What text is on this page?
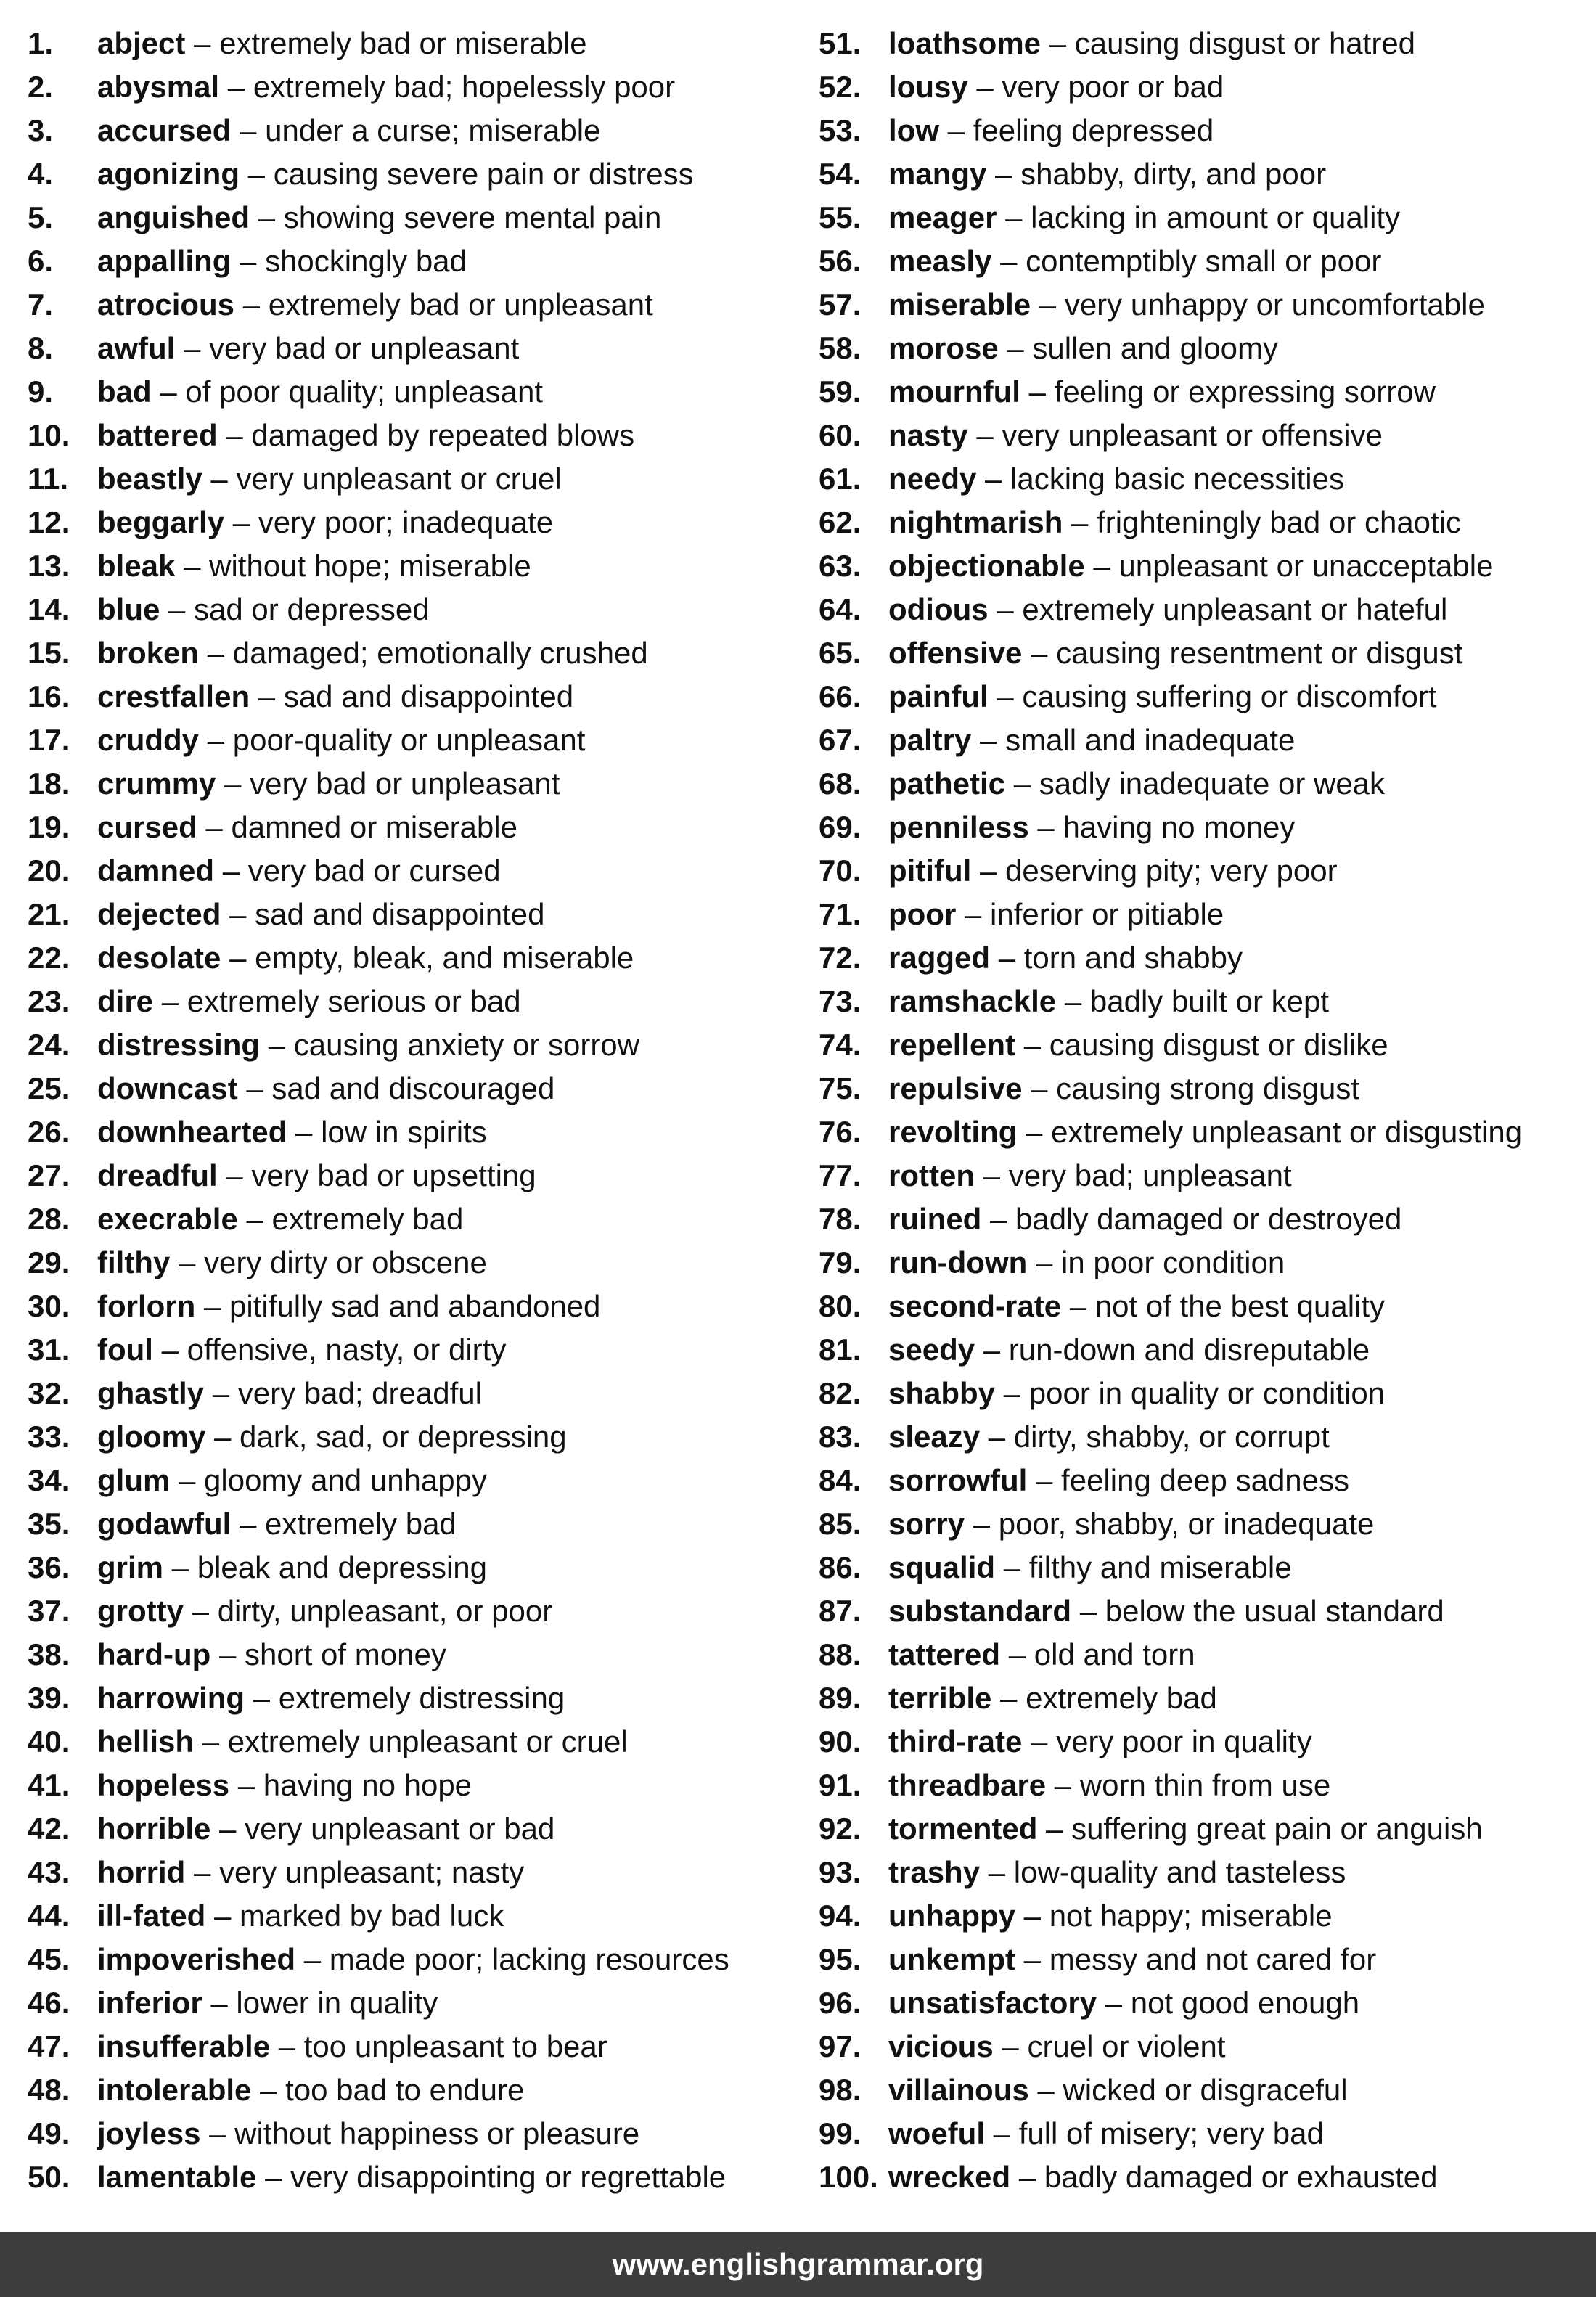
1. abject – extremely bad or miserable
2. abysmal – extremely bad; hopelessly poor
3. accursed – under a curse; miserable
4. agonizing – causing severe pain or distress
5. anguished – showing severe mental pain
6. appalling – shockingly bad
7. atrocious – extremely bad or unpleasant
8. awful – very bad or unpleasant
9. bad – of poor quality; unpleasant
10. battered – damaged by repeated blows
11. beastly – very unpleasant or cruel
12. beggarly – very poor; inadequate
13. bleak – without hope; miserable
14. blue – sad or depressed
15. broken – damaged; emotionally crushed
16. crestfallen – sad and disappointed
17. cruddy – poor-quality or unpleasant
18. crummy – very bad or unpleasant
19. cursed – damned or miserable
20. damned – very bad or cursed
21. dejected – sad and disappointed
22. desolate – empty, bleak, and miserable
23. dire – extremely serious or bad
24. distressing – causing anxiety or sorrow
25. downcast – sad and discouraged
26. downhearted – low in spirits
27. dreadful – very bad or upsetting
28. execrable – extremely bad
29. filthy – very dirty or obscene
30. forlorn – pitifully sad and abandoned
31. foul – offensive, nasty, or dirty
32. ghastly – very bad; dreadful
33. gloomy – dark, sad, or depressing
34. glum – gloomy and unhappy
35. godawful – extremely bad
36. grim – bleak and depressing
37. grotty – dirty, unpleasant, or poor
38. hard-up – short of money
39. harrowing – extremely distressing
40. hellish – extremely unpleasant or cruel
41. hopeless – having no hope
42. horrible – very unpleasant or bad
43. horrid – very unpleasant; nasty
44. ill-fated – marked by bad luck
45. impoverished – made poor; lacking resources
46. inferior – lower in quality
47. insufferable – too unpleasant to bear
48. intolerable – too bad to endure
49. joyless – without happiness or pleasure
50. lamentable – very disappointing or regrettable
51. loathsome – causing disgust or hatred
52. lousy – very poor or bad
53. low – feeling depressed
54. mangy – shabby, dirty, and poor
55. meager – lacking in amount or quality
56. measly – contemptibly small or poor
57. miserable – very unhappy or uncomfortable
58. morose – sullen and gloomy
59. mournful – feeling or expressing sorrow
60. nasty – very unpleasant or offensive
61. needy – lacking basic necessities
62. nightmarish – frighteningly bad or chaotic
63. objectionable – unpleasant or unacceptable
64. odious – extremely unpleasant or hateful
65. offensive – causing resentment or disgust
66. painful – causing suffering or discomfort
67. paltry – small and inadequate
68. pathetic – sadly inadequate or weak
69. penniless – having no money
70. pitiful – deserving pity; very poor
71. poor – inferior or pitiable
72. ragged – torn and shabby
73. ramshackle – badly built or kept
74. repellent – causing disgust or dislike
75. repulsive – causing strong disgust
76. revolting – extremely unpleasant or disgusting
77. rotten – very bad; unpleasant
78. ruined – badly damaged or destroyed
79. run-down – in poor condition
80. second-rate – not of the best quality
81. seedy – run-down and disreputable
82. shabby – poor in quality or condition
83. sleazy – dirty, shabby, or corrupt
84. sorrowful – feeling deep sadness
85. sorry – poor, shabby, or inadequate
86. squalid – filthy and miserable
87. substandard – below the usual standard
88. tattered – old and torn
89. terrible – extremely bad
90. third-rate – very poor in quality
91. threadbare – worn thin from use
92. tormented – suffering great pain or anguish
93. trashy – low-quality and tasteless
94. unhappy – not happy; miserable
95. unkempt – messy and not cared for
96. unsatisfactory – not good enough
97. vicious – cruel or violent
98. villainous – wicked or disgraceful
99. woeful – full of misery; very bad
100. wrecked – badly damaged or exhausted
www.englishgrammar.org
